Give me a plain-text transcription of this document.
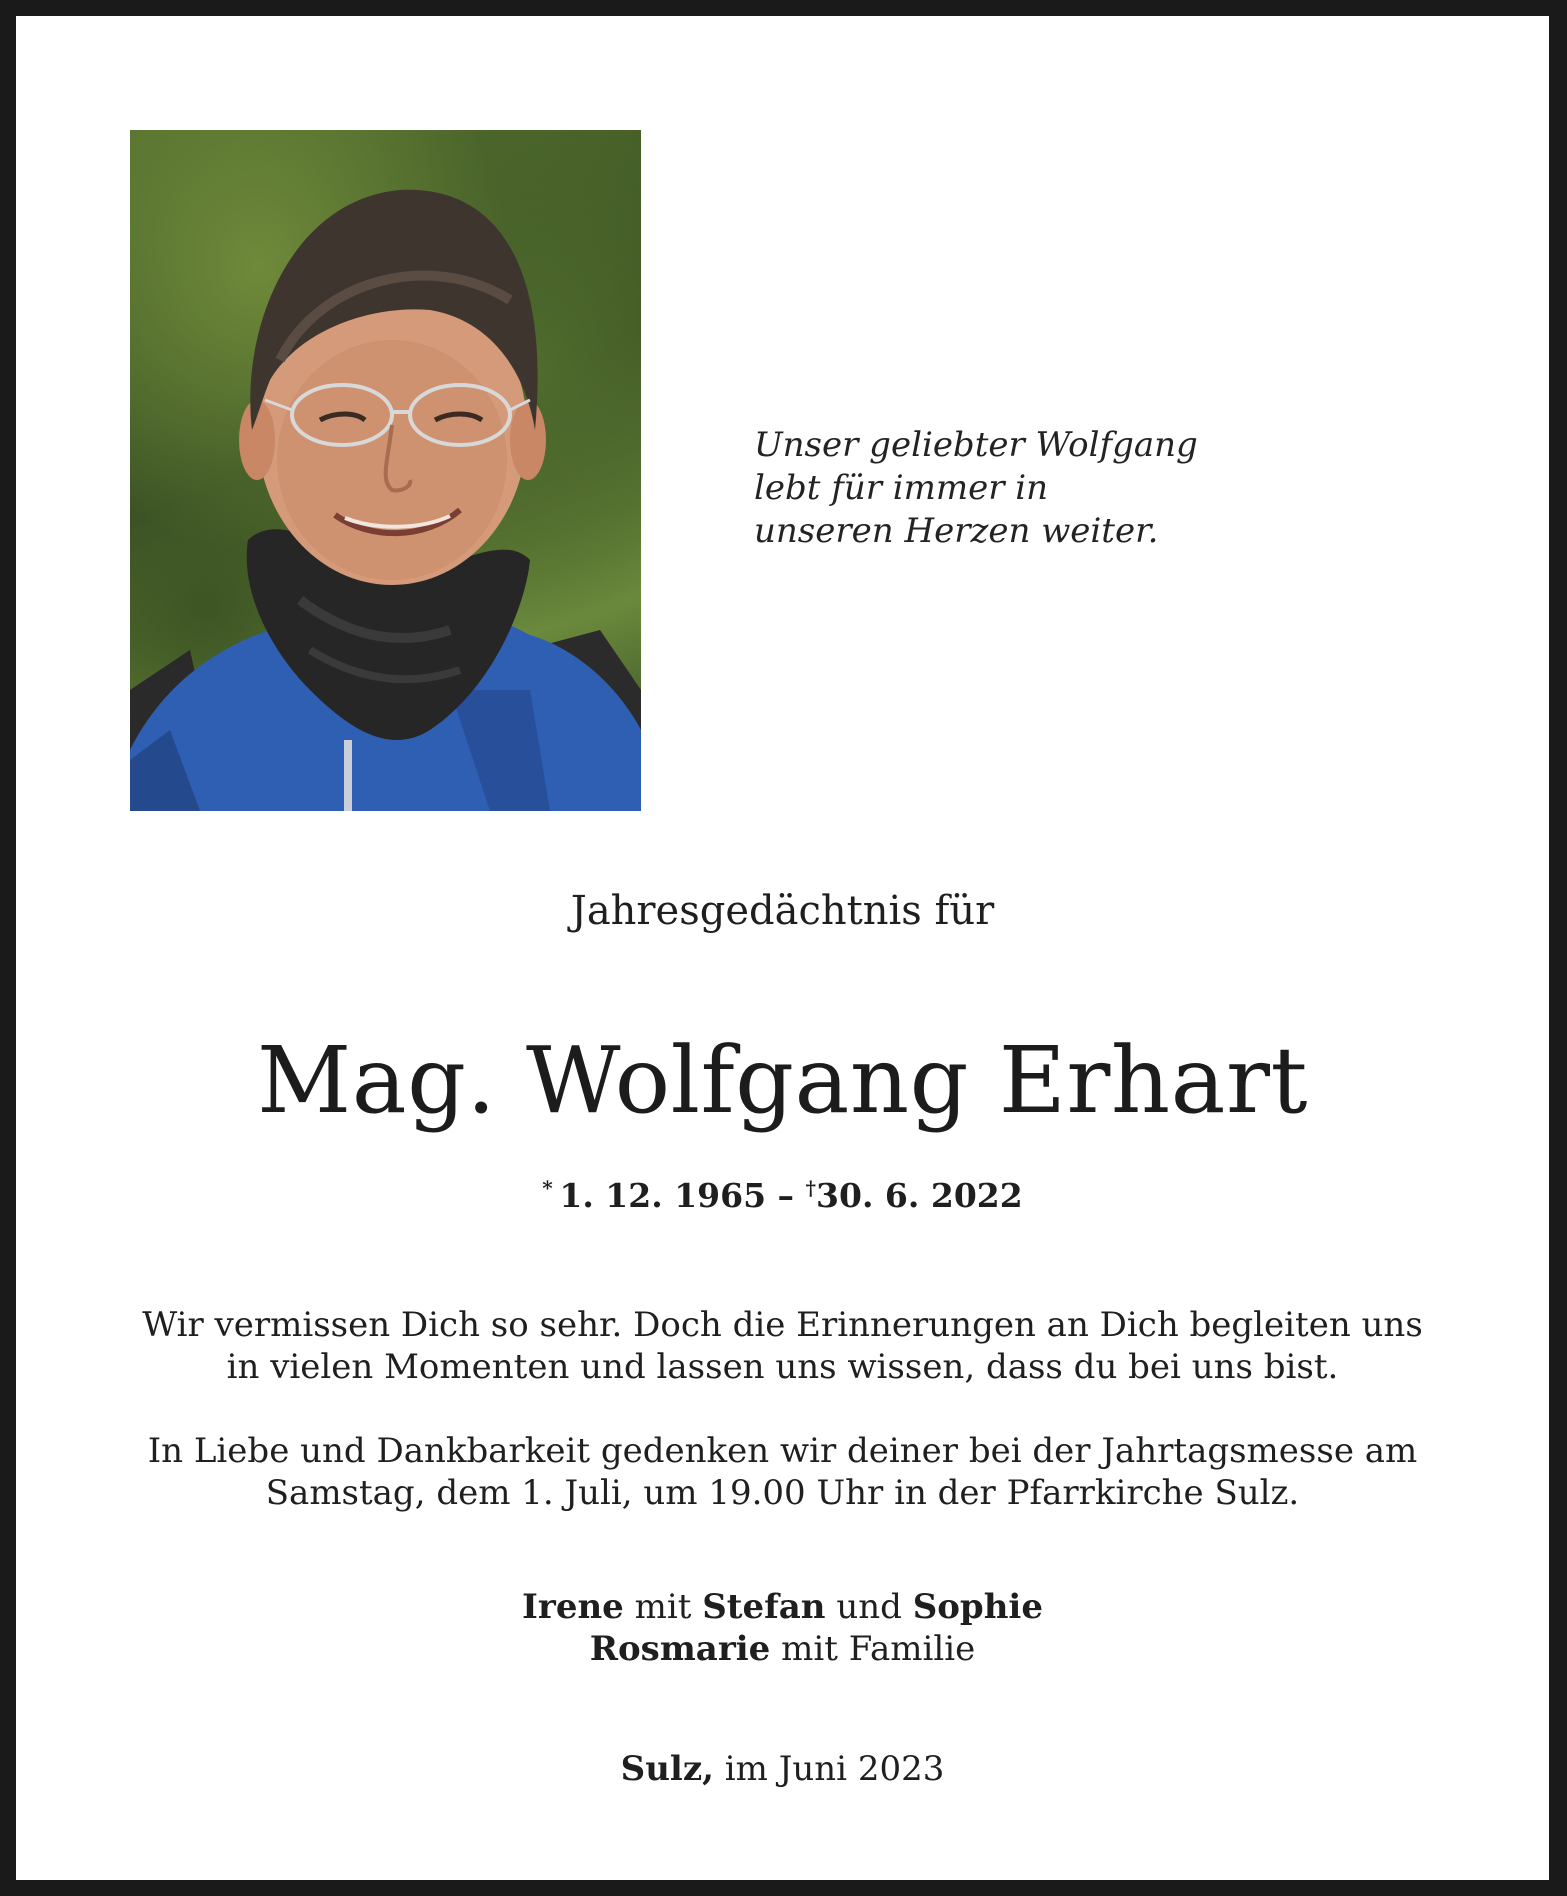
Unser geliebter Wolfgang
lebt für immer in
unseren Herzen weiter.
Jahresgedächtnis für
Mag. Wolfgang Erhart
*  1. 12. 1965 – †30. 6. 2022
Wir vermissen Dich so sehr. Doch die Erinnerungen an Dich begleiten uns
in vielen Momenten und lassen uns wissen, dass du bei uns bist.
In Liebe und Dankbarkeit gedenken wir deiner bei der Jahrtagsmesse am
Samstag, dem 1. Juli, um 19.00 Uhr in der Pfarrkirche Sulz.
Irene mit Stefan und Sophie
Rosmarie mit Familie
Sulz, im Juni 2023
